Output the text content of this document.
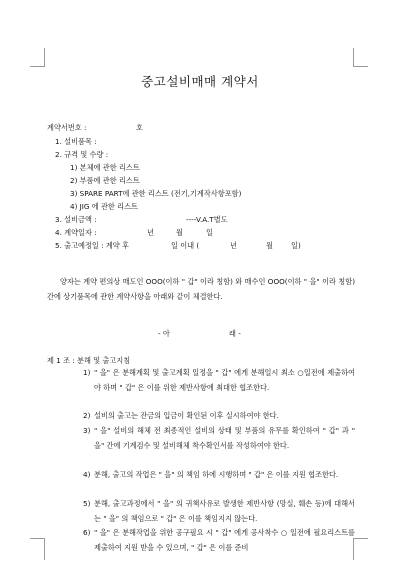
중고설비매매 계약서
계약서번호 :	호
1. 설비품목 :
2. 규격 및 수량 :
1) 본체에 관한 리스트
2) 부품에 관한 리스트
3) SPARE PART에 관한 리스트 (전기,기계작사항포함)
4) JIG 에 관한 리스트
3. 설비금액 :	----V.A.T별도
4. 계약일자 :	년	월	일
5. 출고예정일 : 계약 후	일 이내 (	년	월	일)
양자는 계약 편의상 매도인 OOO(이하 " 갑" 이라 칭함) 와 매수인 OOO(이하 " 을" 이라 칭함) 간에 상기품목에 관한 계약사항을 아래와 같이 체결한다.
- 아	래 -
제 1 조 : 분해 및 출고지침
1) " 을" 은 분해계획 및 출고계획 일정을 " 갑" 에게 분해일시 최소 ○일전에 제출하여야 하며 " 갑" 은 이를 위한 제반사항에 최대한 협조한다.
2) 설비의 출고는 잔금의 입금이 확인된 이후 실시하여야 한다.
3) " 을" 설비의 해체 전 최종적인 설비의 상태 및 부품의 유무를 확인하여 " 갑" 과 " 을" 간에 기계검수 및 설비해체 착수확인서를 작성하여야 한다.
4) 분해, 출고의 작업은 " 을" 의 책임 하에 시행하며 " 갑" 은 이를 지원 협조한다.
5) 분해, 출고과정에서 " 을" 의 귀책사유로 발생한 제반사항 (망실, 훼손 등)에 대해서는 " 을" 의 책임으로 " 갑" 은 이를 책임지지 않는다.
6) " 을" 은 분해작업을 위한 공구필요 시 " 갑" 에게 공사착수 ○ 일전에 필요리스트를 제출하여 지원 받을 수 있으며, " 갑" 은 이를 준비
